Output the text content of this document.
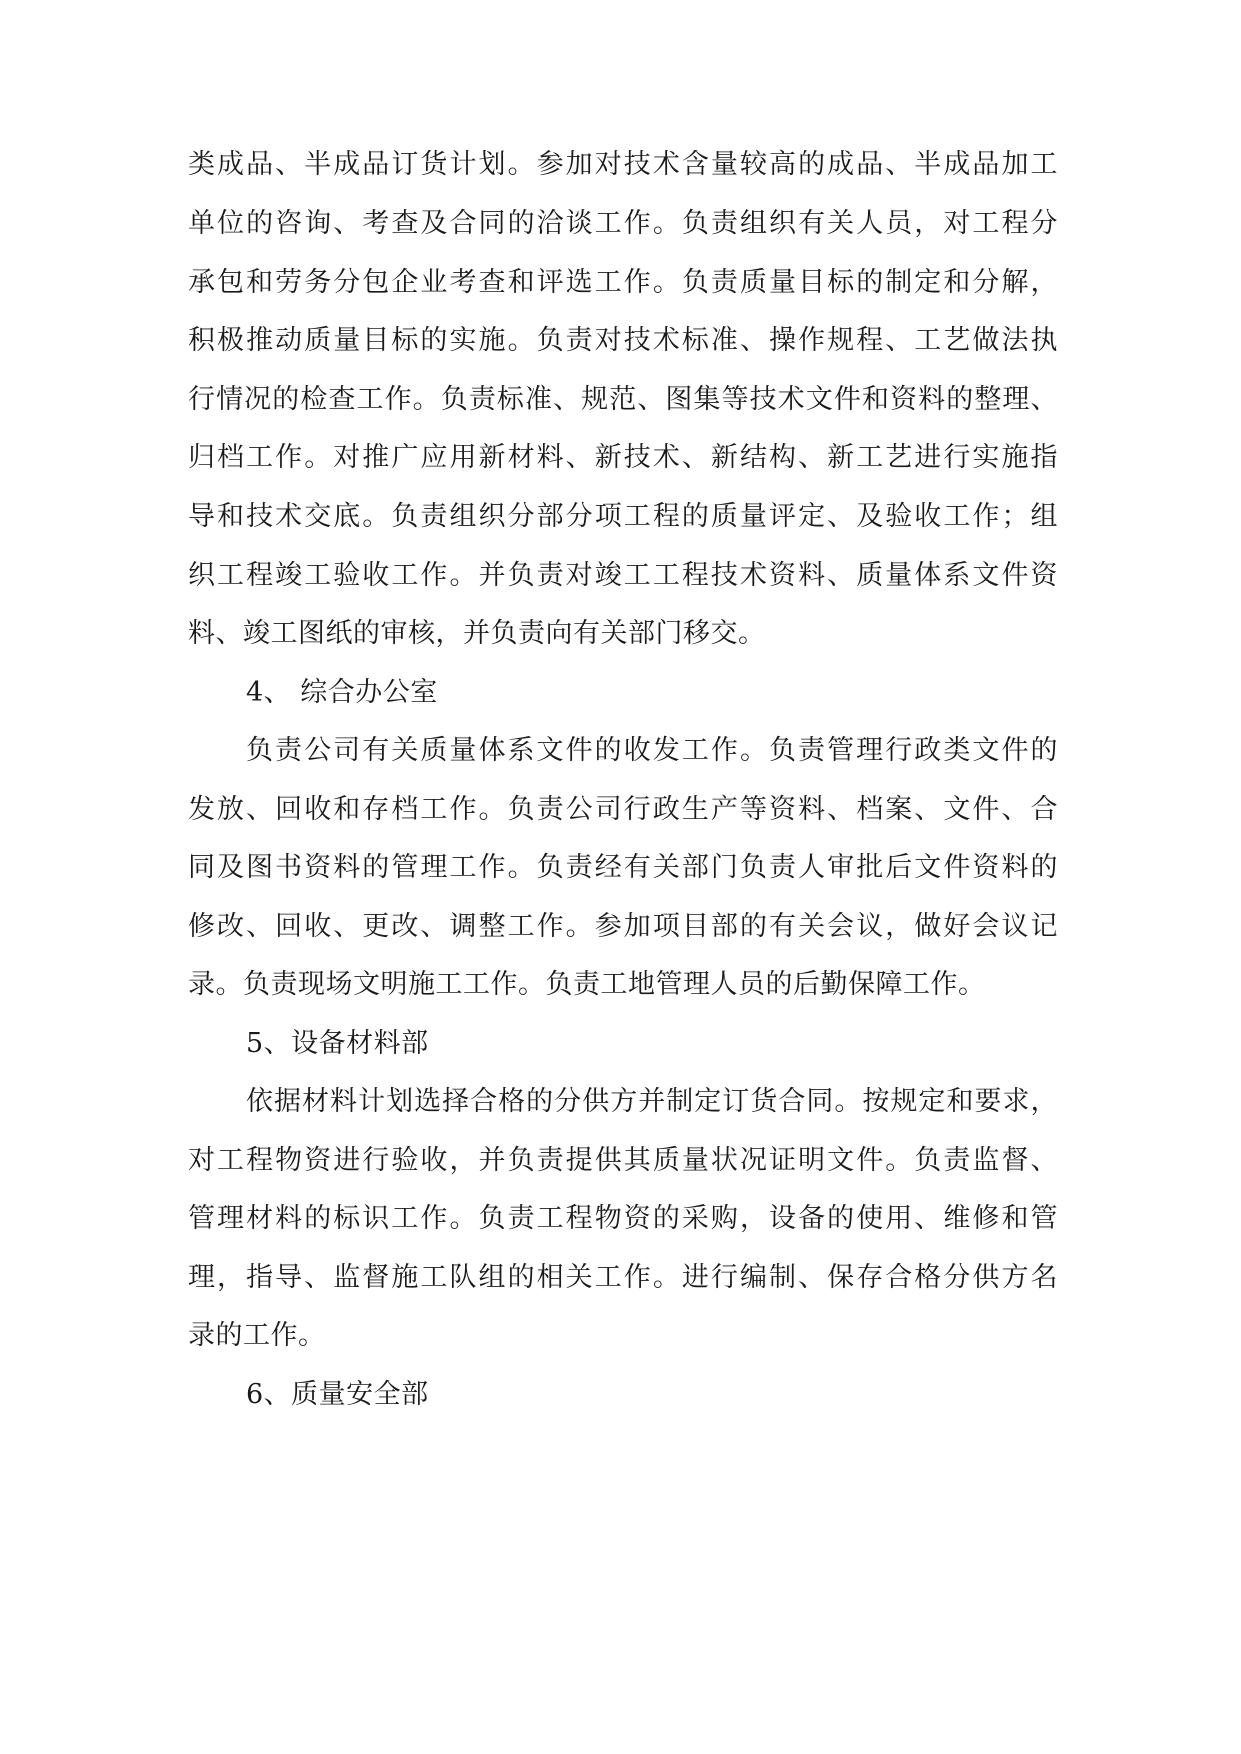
类成品、半成品订货计划。参加对技术含量较高的成品、半成品加工
单位的咨询、考查及合同的洽谈工作。负责组织有关人员，对工程分
承包和劳务分包企业考查和评选工作。负责质量目标的制定和分解，
积极推动质量目标的实施。负责对技术标准、操作规程、工艺做法执
行情况的检查工作。负责标准、规范、图集等技术文件和资料的整理、
归档工作。对推广应用新材料、新技术、新结构、新工艺进行实施指
导和技术交底。负责组织分部分项工程的质量评定、及验收工作；组
织工程竣工验收工作。并负责对竣工工程技术资料、质量体系文件资
料、竣工图纸的审核，并负责向有关部门移交。
4、 综合办公室
负责公司有关质量体系文件的收发工作。负责管理行政类文件的
发放、回收和存档工作。负责公司行政生产等资料、档案、文件、合
同及图书资料的管理工作。负责经有关部门负责人审批后文件资料的
修改、回收、更改、调整工作。参加项目部的有关会议，做好会议记
录。负责现场文明施工工作。负责工地管理人员的后勤保障工作。
5、设备材料部
依据材料计划选择合格的分供方并制定订货合同。按规定和要求，
对工程物资进行验收，并负责提供其质量状况证明文件。负责监督、
管理材料的标识工作。负责工程物资的采购，设备的使用、维修和管
理，指导、监督施工队组的相关工作。进行编制、保存合格分供方名
录的工作。
6、质量安全部
